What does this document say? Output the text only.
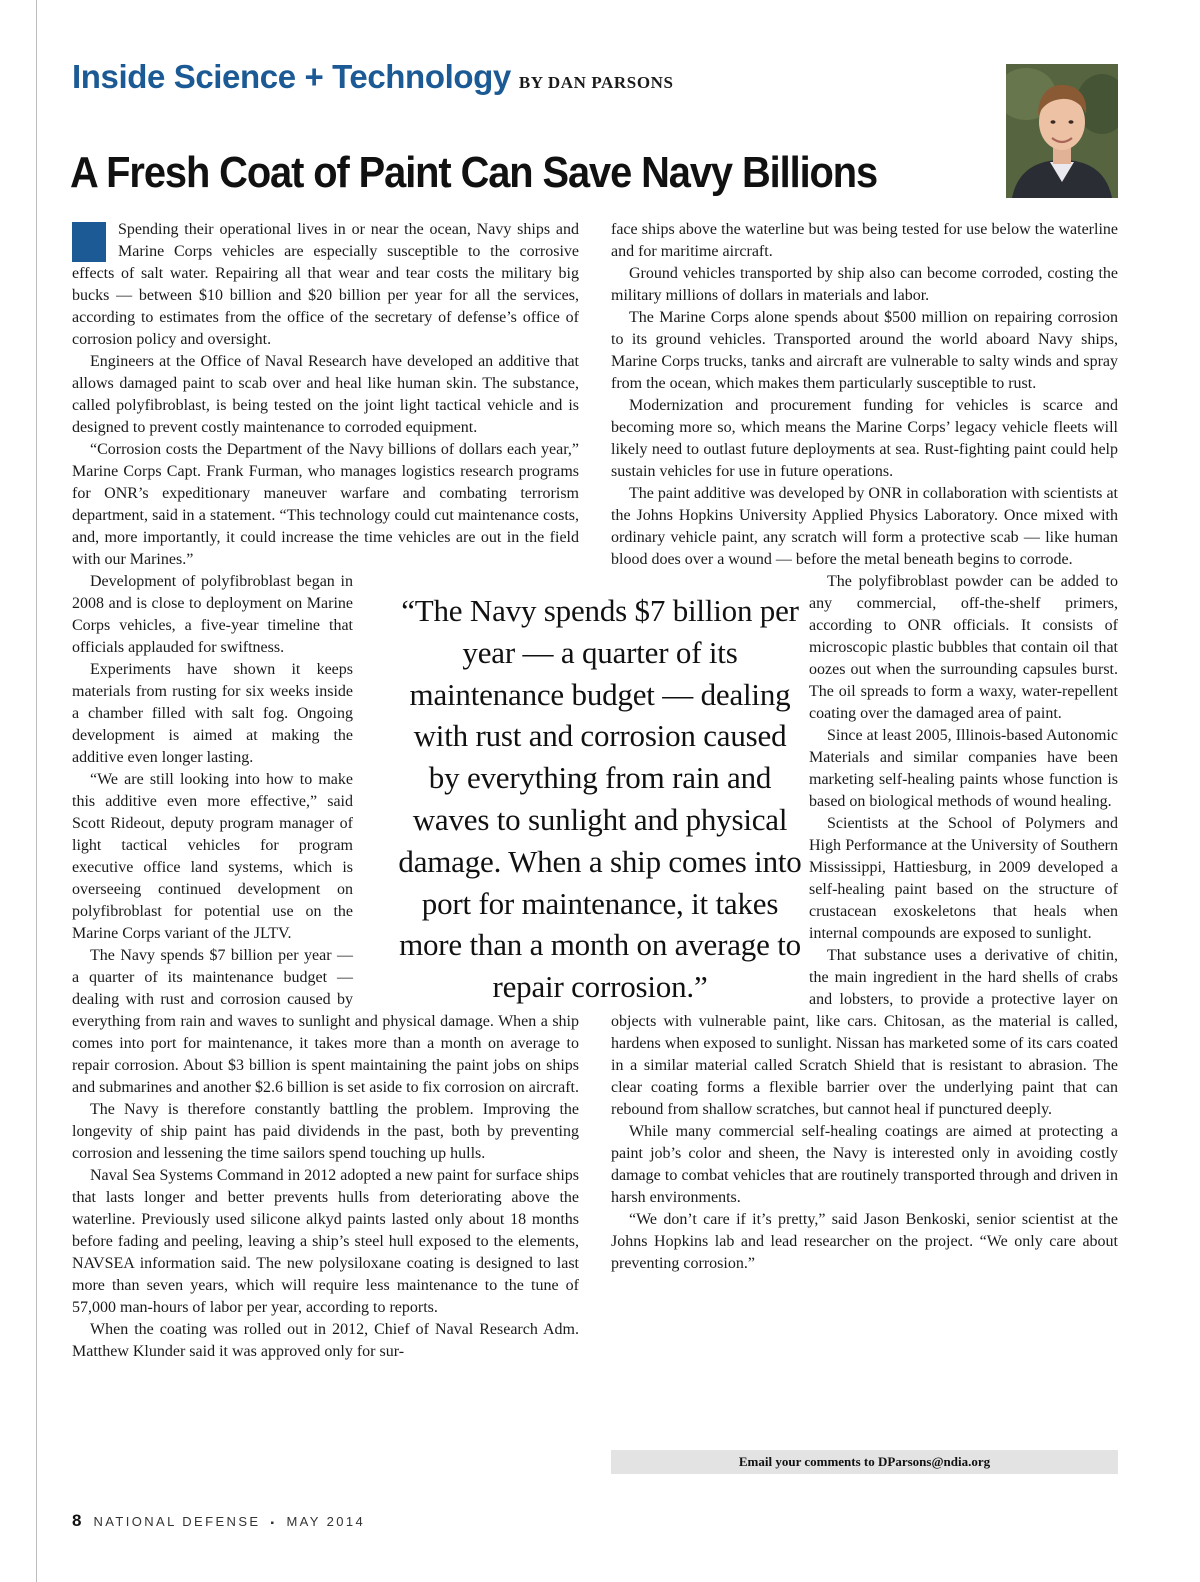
Inside Science + Technology BY DAN PARSONS
A Fresh Coat of Paint Can Save Navy Billions

Spending their operational lives in or near the ocean, Navy ships and Marine Corps vehicles are especially susceptible to the corrosive effects of salt water. Repairing all that wear and tear costs the military big bucks — between $10 billion and $20 billion per year for all the services, according to estimates from the office of the secretary of defense’s office of corrosion policy and oversight.

Engineers at the Office of Naval Research have developed an additive that allows damaged paint to scab over and heal like human skin. The substance, called polyfibroblast, is being tested on the joint light tactical vehicle and is designed to prevent costly maintenance to corroded equipment.

“Corrosion costs the Department of the Navy billions of dollars each year,” Marine Corps Capt. Frank Furman, who manages logistics research programs for ONR’s expeditionary maneuver warfare and combating terrorism department, said in a statement. “This technology could cut maintenance costs, and, more importantly, it could increase the time vehicles are out in the field with our Marines.”

Development of polyfibroblast began in 2008 and is close to deployment on Marine Corps vehicles, a five-year timeline that officials applauded for swiftness.

Experiments have shown it keeps materials from rusting for six weeks inside a chamber filled with salt fog. Ongoing development is aimed at making the additive even longer lasting.

“We are still looking into how to make this additive even more effective,” said Scott Rideout, deputy program manager of light tactical vehicles for program executive office land systems, which is overseeing continued development on polyfibroblast for potential use on the Marine Corps variant of the JLTV.

The Navy spends $7 billion per year — a quarter of its maintenance budget — dealing with rust and corrosion caused by everything from rain and waves to sunlight and physical damage. When a ship comes into port for maintenance, it takes more than a month on average to repair corrosion. About $3 billion is spent maintaining the paint jobs on ships and submarines and another $2.6 billion is set aside to fix corrosion on aircraft.

The Navy is therefore constantly battling the problem. Improving the longevity of ship paint has paid dividends in the past, both by preventing corrosion and lessening the time sailors spend touching up hulls.

Naval Sea Systems Command in 2012 adopted a new paint for surface ships that lasts longer and better prevents hulls from deteriorating above the waterline. Previously used silicone alkyd paints lasted only about 18 months before fading and peeling, leaving a ship’s steel hull exposed to the elements, NAVSEA information said. The new polysiloxane coating is designed to last more than seven years, which will require less maintenance to the tune of 57,000 man-hours of labor per year, according to reports.

When the coating was rolled out in 2012, Chief of Naval Research Adm. Matthew Klunder said it was approved only for sur-

“The Navy spends $7 billion per year — a quarter of its maintenance budget — dealing with rust and corrosion caused by everything from rain and waves to sunlight and physical damage. When a ship comes into port for maintenance, it takes more than a month on average to repair corrosion.”

face ships above the waterline but was being tested for use below the waterline and for maritime aircraft.

Ground vehicles transported by ship also can become corroded, costing the military millions of dollars in materials and labor.

The Marine Corps alone spends about $500 million on repairing corrosion to its ground vehicles. Transported around the world aboard Navy ships, Marine Corps trucks, tanks and aircraft are vulnerable to salty winds and spray from the ocean, which makes them particularly susceptible to rust.

Modernization and procurement funding for vehicles is scarce and becoming more so, which means the Marine Corps’ legacy vehicle fleets will likely need to outlast future deployments at sea. Rust-fighting paint could help sustain vehicles for use in future operations.

The paint additive was developed by ONR in collaboration with scientists at the Johns Hopkins University Applied Physics Laboratory. Once mixed with ordinary vehicle paint, any scratch will form a protective scab — like human blood does over a wound — before the metal beneath begins to corrode.

The polyfibroblast powder can be added to any commercial, off-the-shelf primers, according to ONR officials. It consists of microscopic plastic bubbles that contain oil that oozes out when the surrounding capsules burst. The oil spreads to form a waxy, water-repellent coating over the damaged area of paint.

Since at least 2005, Illinois-based Autonomic Materials and similar companies have been marketing self-healing paints whose function is based on biological methods of wound healing.

Scientists at the School of Polymers and High Performance at the University of Southern Mississippi, Hattiesburg, in 2009 developed a self-healing paint based on the structure of crustacean exoskeletons that heals when internal compounds are exposed to sunlight.

That substance uses a derivative of chitin, the main ingredient in the hard shells of crabs and lobsters, to provide a protective layer on objects with vulnerable paint, like cars. Chitosan, as the material is called, hardens when exposed to sunlight. Nissan has marketed some of its cars coated in a similar material called Scratch Shield that is resistant to abrasion. The clear coating forms a flexible barrier over the underlying paint that can rebound from shallow scratches, but cannot heal if punctured deeply.

While many commercial self-healing coatings are aimed at protecting a paint job’s color and sheen, the Navy is interested only in avoiding costly damage to combat vehicles that are routinely transported through and driven in harsh environments.

“We don’t care if it’s pretty,” said Jason Benkoski, senior scientist at the Johns Hopkins lab and lead researcher on the project. “We only care about preventing corrosion.”

Email your comments to DParsons@ndia.org
8 NATIONAL DEFENSE ▪ MAY 2014
